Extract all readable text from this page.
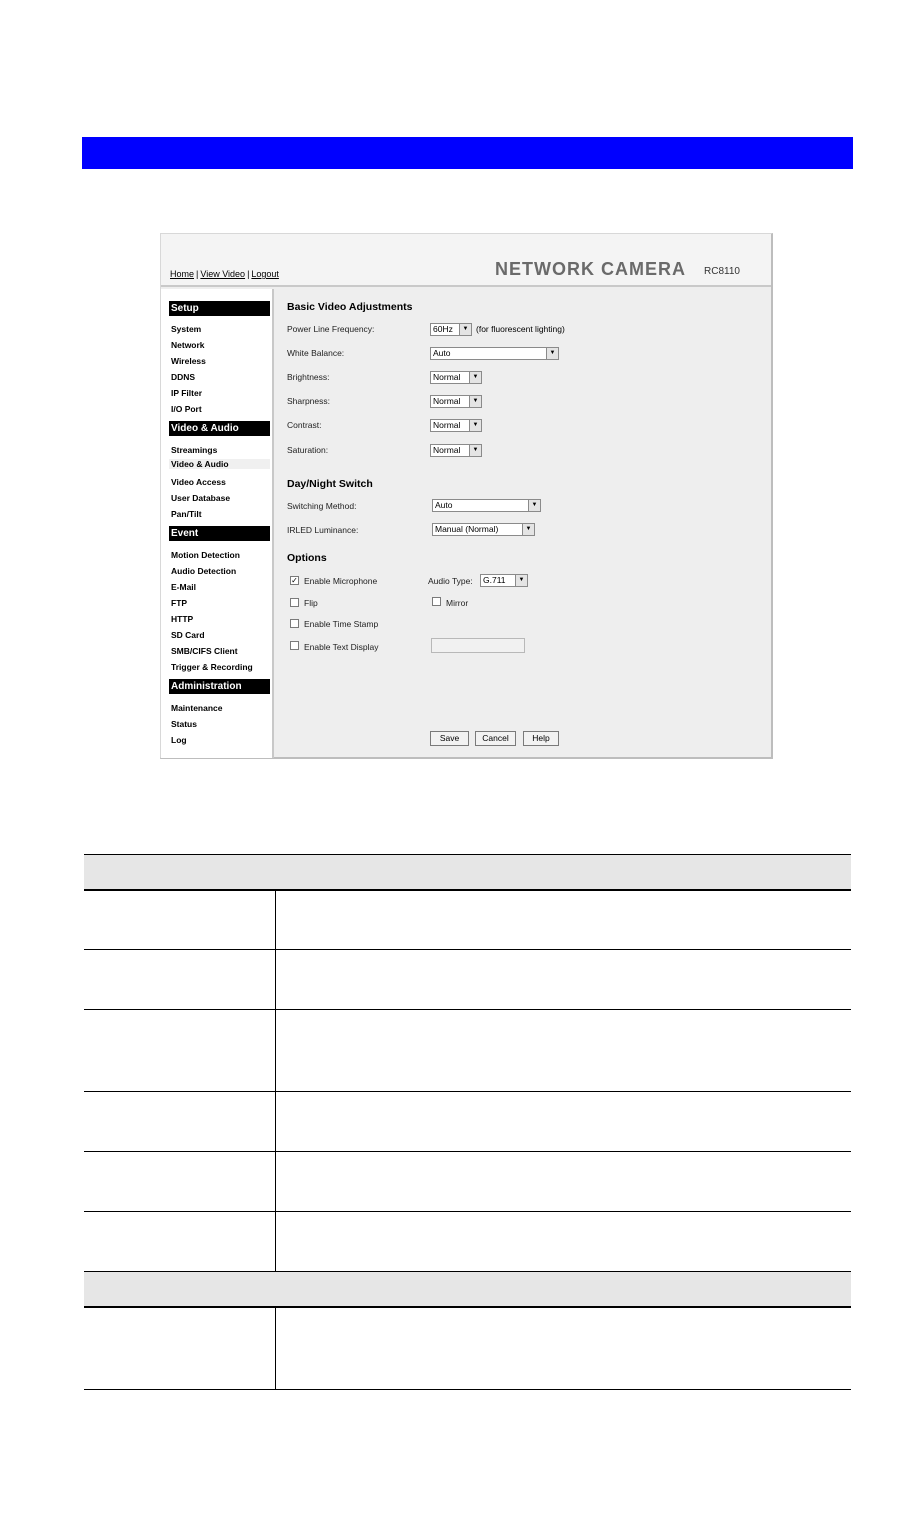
Home | View Video | Logout	NETWORK CAMERA RC8110
Setup
System
Network
Wireless
DDNS
IP Filter
I/O Port
Video & Audio
Streamings
Video & Audio
Video Access
User Database
Pan/Tilt
Event
Motion Detection
Audio Detection
E-Mail
FTP
HTTP
SD Card
SMB/CIFS Client
Trigger & Recording
Administration
Maintenance
Status
Log
Basic Video Adjustments
Power Line Frequency:	60Hz	▼ (for fluorescent lighting)
White Balance:	Auto	▼
Brightness:	Normal	▼
Sharpness:	Normal	▼
Contrast:	Normal	▼
Saturation:	Normal	▼
Day/Night Switch
Switching Method:	Auto	▼
IRLED Luminance:	Manual (Normal)	▼
Options
✓ Enable Microphone	Audio Type:	G.711	▼
Flip	Mirror
Enable Time Stamp
Enable Text Display
Save	Cancel	Help
